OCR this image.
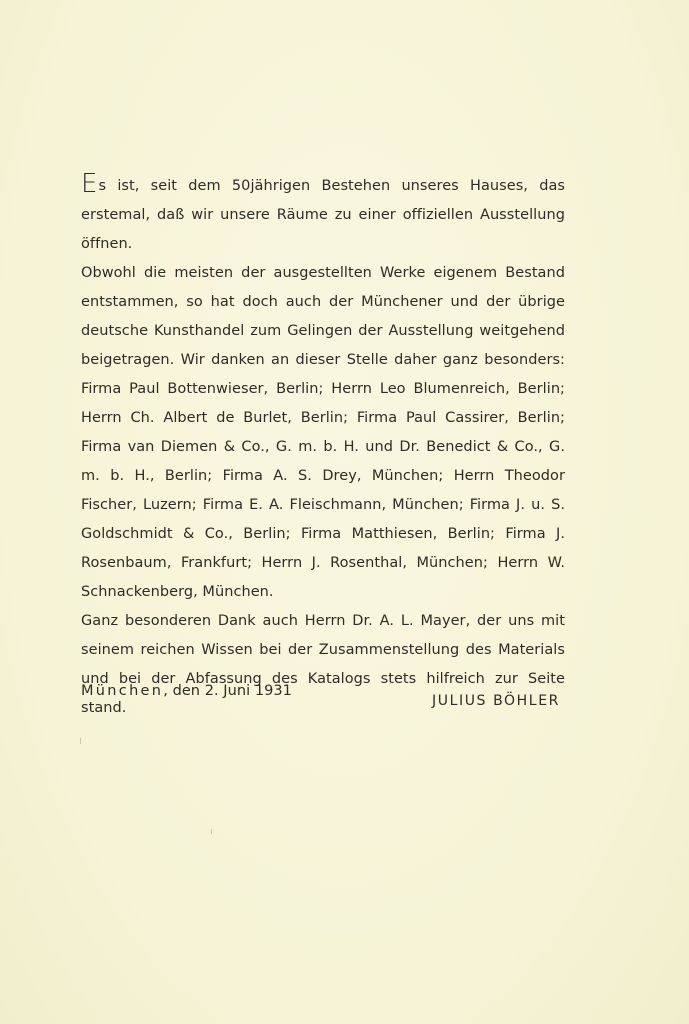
Es ist, seit dem 50jährigen Bestehen unseres Hauses, das erstemal, daß wir unsere Räume zu einer offiziellen Ausstellung öffnen.

Obwohl die meisten der ausgestellten Werke eigenem Bestand entstammen, so hat doch auch der Münchener und der übrige deutsche Kunsthandel zum Gelingen der Ausstellung weitgehend beigetragen. Wir danken an dieser Stelle daher ganz besonders: Firma Paul Bottenwieser, Berlin; Herrn Leo Blumenreich, Berlin; Herrn Ch. Albert de Burlet, Berlin; Firma Paul Cassirer, Berlin; Firma van Diemen & Co., G. m. b. H. und Dr. Benedict & Co., G. m. b. H., Berlin; Firma A. S. Drey, München; Herrn Theodor Fischer, Luzern; Firma E. A. Fleischmann, München; Firma J. u. S. Goldschmidt & Co., Berlin; Firma Matthiesen, Berlin; Firma J. Rosenbaum, Frankfurt; Herrn J. Rosenthal, München; Herrn W. Schnackenberg, München.

Ganz besonderen Dank auch Herrn Dr. A. L. Mayer, der uns mit seinem reichen Wissen bei der Zusammenstellung des Materials und bei der Abfassung des Katalogs stets hilfreich zur Seite stand.

München, den 2. Juni 1931
JULIUS BÖHLER
